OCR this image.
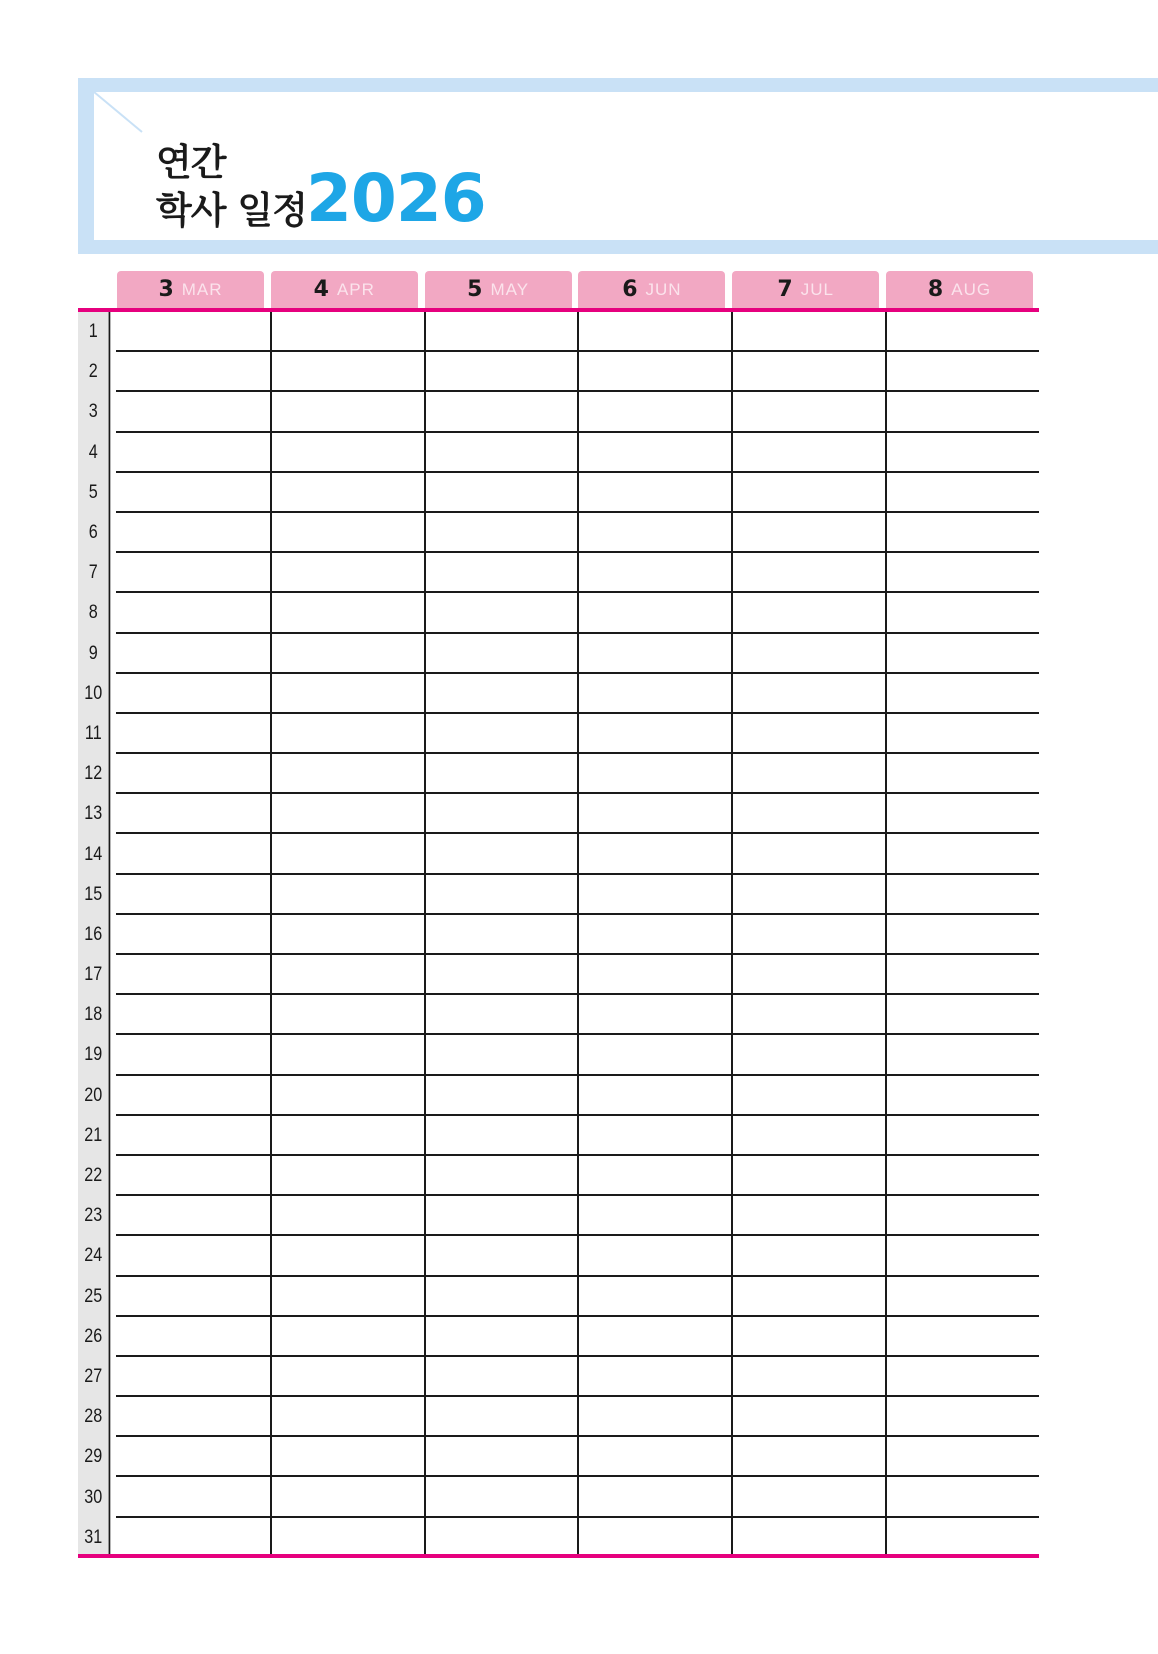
연간
학사 일정 2026
3 MAR	4 APR	5 MAY	6 JUN	7 JUL	8 AUG
1
2
3
4
5
6
7
8
9
10
11
12
13
14
15
16
17
18
19
20
21
22
23
24
25
26
27
28
29
30
31
